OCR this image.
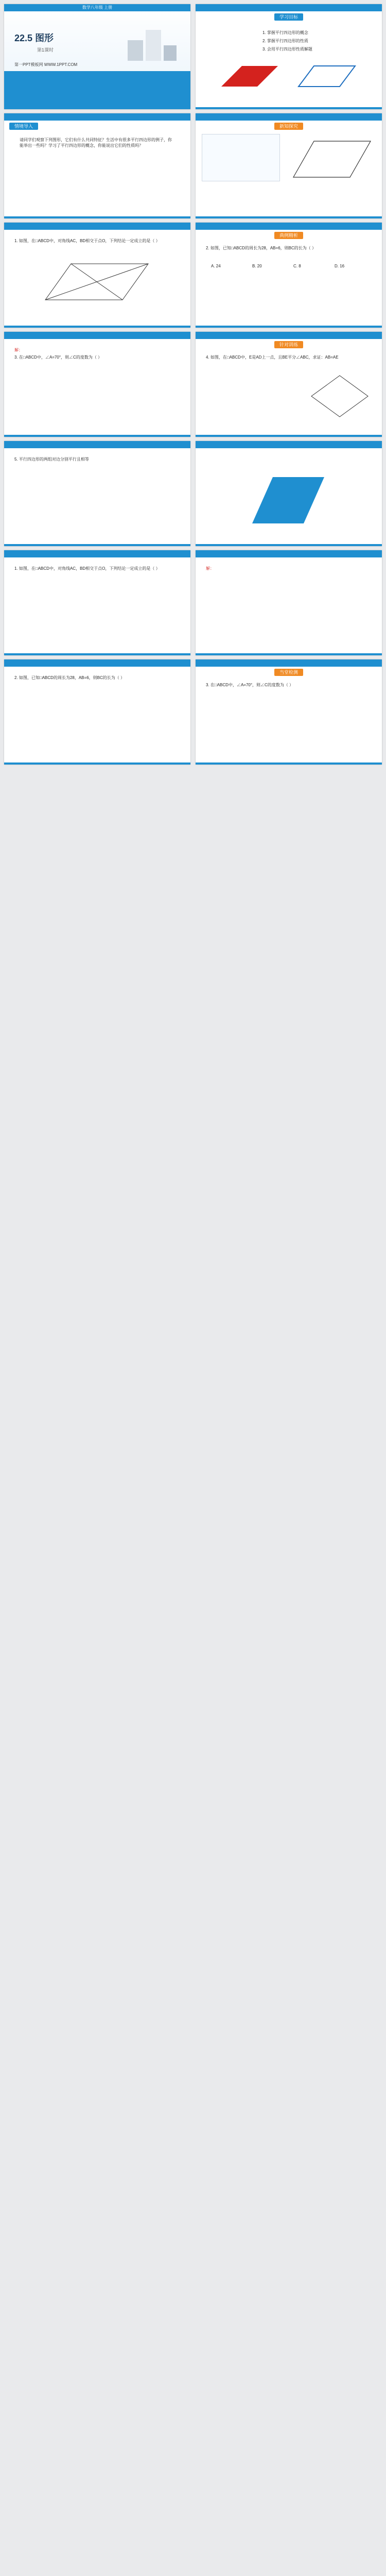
数学八年级 上册
22.5 图形
第1课时
第一PPT模板网 WWW.1PPT.COM
学习目标
1. 掌握平行四边形的概念
2. 掌握平行四边形的性质
3. 会用平行四边形性质解题
情境导入
请同学们观察下列图形，它们有什么共同特征？生活中有很多平行四边形的例子，你能举出一些吗？学习了平行四边形的概念，你能说出它们的性质吗？
新知探究
1. 如图，在□ABCD中，对角线AC，BD相交于点O，下列结论一定成立的是（ ）
典例精析
2. 如图，已知□ABCD的周长为28，AB=6，则BC的长为（ ）
A. 24	B. 20	C. 8	D. 16
解：
3. 在□ABCD中，∠A=70°，则∠C的度数为（ ）
针对训练
4. 如图，在□ABCD中，E是AD上一点，且BE平分∠ABC，求证：AB=AE
5. 平行四边形的两组对边分别平行且相等
1. 如图，在□ABCD中，对角线AC，BD相交于点O，下列结论一定成立的是（ ）	解：
2. 如图，已知□ABCD的周长为28，AB=6，则BC的长为（ ）
当堂检测
3. 在□ABCD中，∠A=70°，则∠C的度数为（ ）
